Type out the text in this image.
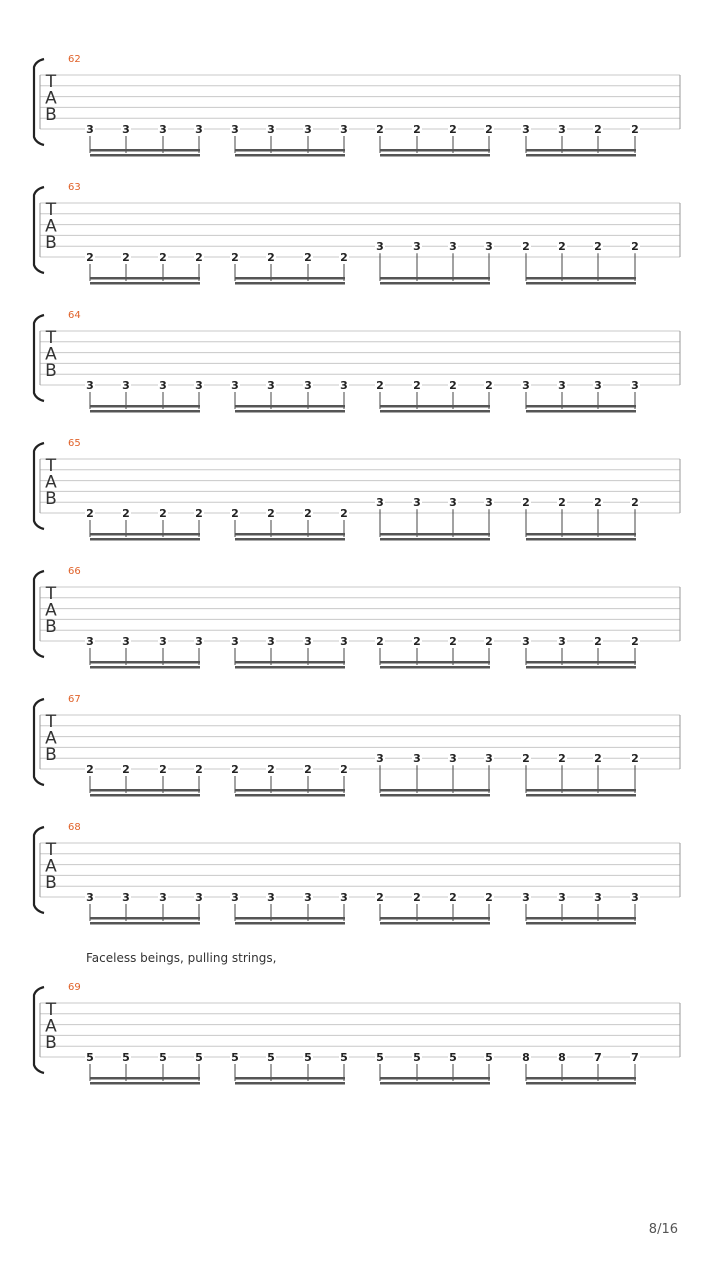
T
A
B
62
3	3	3	3	3	3	3	3	2	2	2	2	3	3	2	2
T
A
B
63
2	2	2	2	2	2	2	2
3	3	3	3	2	2	2	2
T
A
B
64
3	3	3	3	3	3	3	3	2	2	2	2	3	3	3	3
T
A
B
65
2	2	2	2	2	2	2	2
3	3	3	3	2	2	2	2
T
A
B
66
3	3	3	3	3	3	3	3	2	2	2	2	3	3	2	2
T
A
B
67
2	2	2	2	2	2	2	2
3	3	3	3	2	2	2	2
T
A
B
68
3	3	3	3	3	3	3	3	2	2	2	2	3	3	3	3
T
A
B
69
5	5	5	5	5	5	5	5	5	5	5	5	8	8	7	7
Faceless beings, pulling strings,
8/16
